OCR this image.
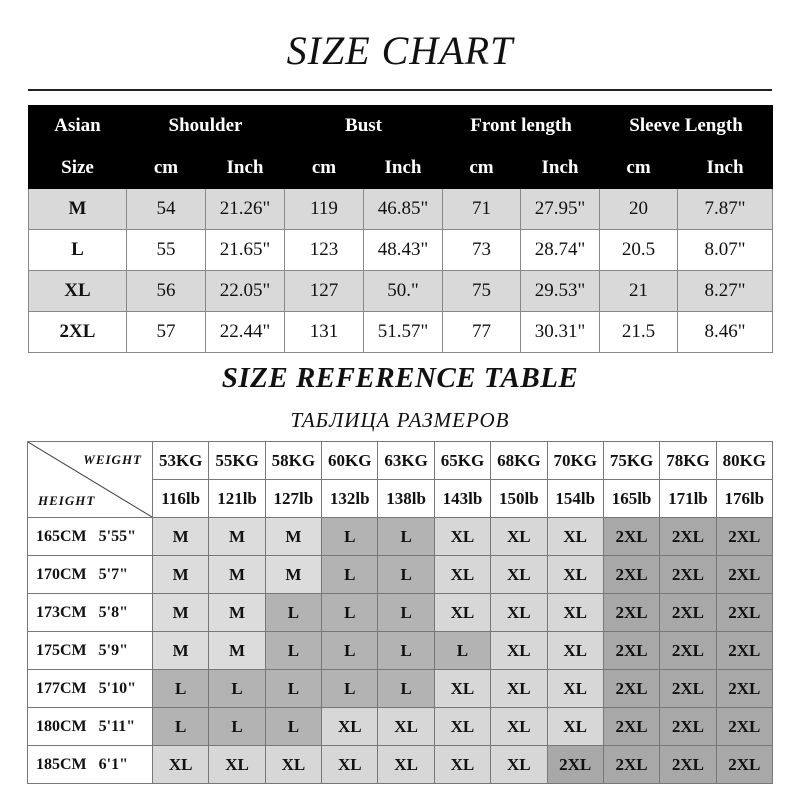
SIZE CHART
Asian	Shoulder		Bust		Front length		Sleeve Length	
Size	cm	Inch	cm	Inch	cm	Inch	cm	Inch
M	54	21.26"	119	46.85"	71	27.95"	20	7.87"
L	55	21.65"	123	48.43"	73	28.74"	20.5	8.07"
XL	56	22.05"	127	50."	75	29.53"	21	8.27"
2XL	57	22.44"	131	51.57"	77	30.31"	21.5	8.46"
SIZE REFERENCE TABLE
ТАБЛИЦА РАЗМЕРОВ
WEIGHT
HEIGHT	53KG	55KG	58KG	60KG	63KG	65KG	68KG	70KG	75KG	78KG	80KG
	116lb	121lb	127lb	132lb	138lb	143lb	150lb	154lb	165lb	171lb	176lb
165CM   5'55"	M	M	M	L	L	XL	XL	XL	2XL	2XL	2XL
170CM   5'7"	M	M	M	L	L	XL	XL	XL	2XL	2XL	2XL
173CM   5'8"	M	M	L	L	L	XL	XL	XL	2XL	2XL	2XL
175CM   5'9"	M	M	L	L	L	L	XL	XL	2XL	2XL	2XL
177CM   5'10"	L	L	L	L	L	XL	XL	XL	2XL	2XL	2XL
180CM   5'11"	L	L	L	XL	XL	XL	XL	XL	2XL	2XL	2XL
185CM   6'1"	XL	XL	XL	XL	XL	XL	XL	2XL	2XL	2XL	2XL
